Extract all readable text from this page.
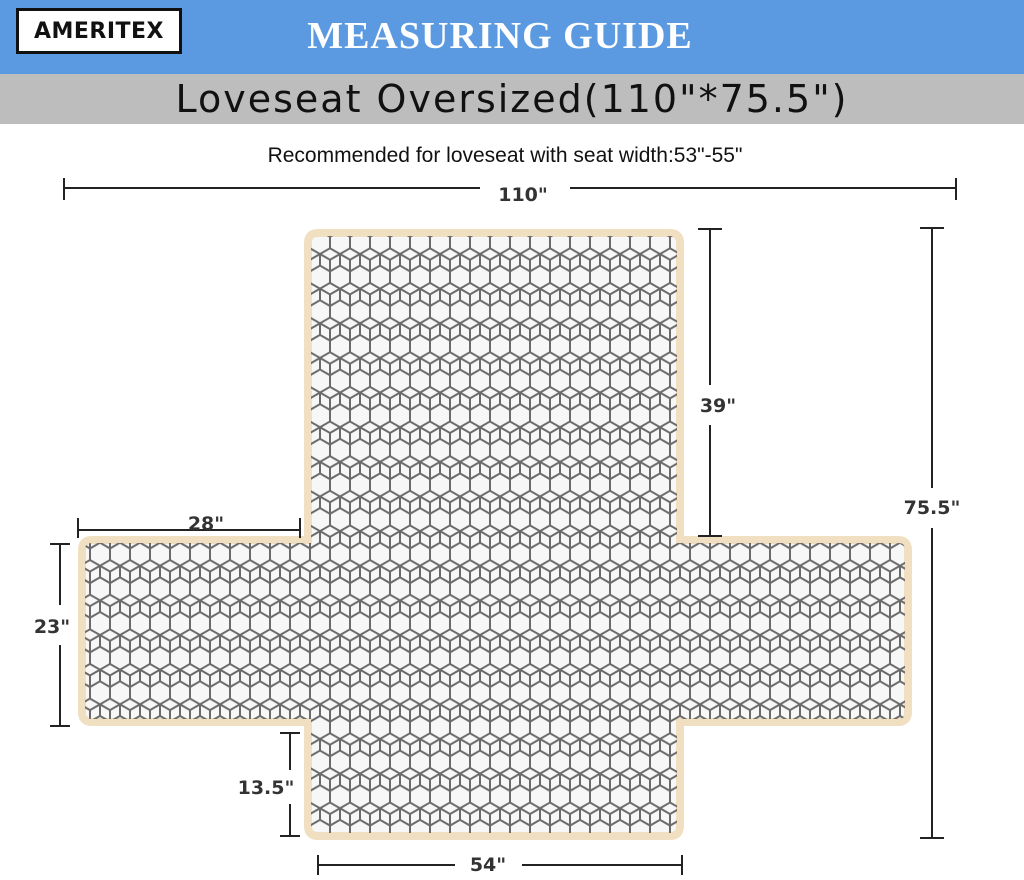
AMERITEX	MEASURING GUIDE
Loveseat Oversized(110"*75.5")
Recommended for loveseat with seat width:53"-55"
110"
75.5"
39"
28"
23"
13.5"
54"
